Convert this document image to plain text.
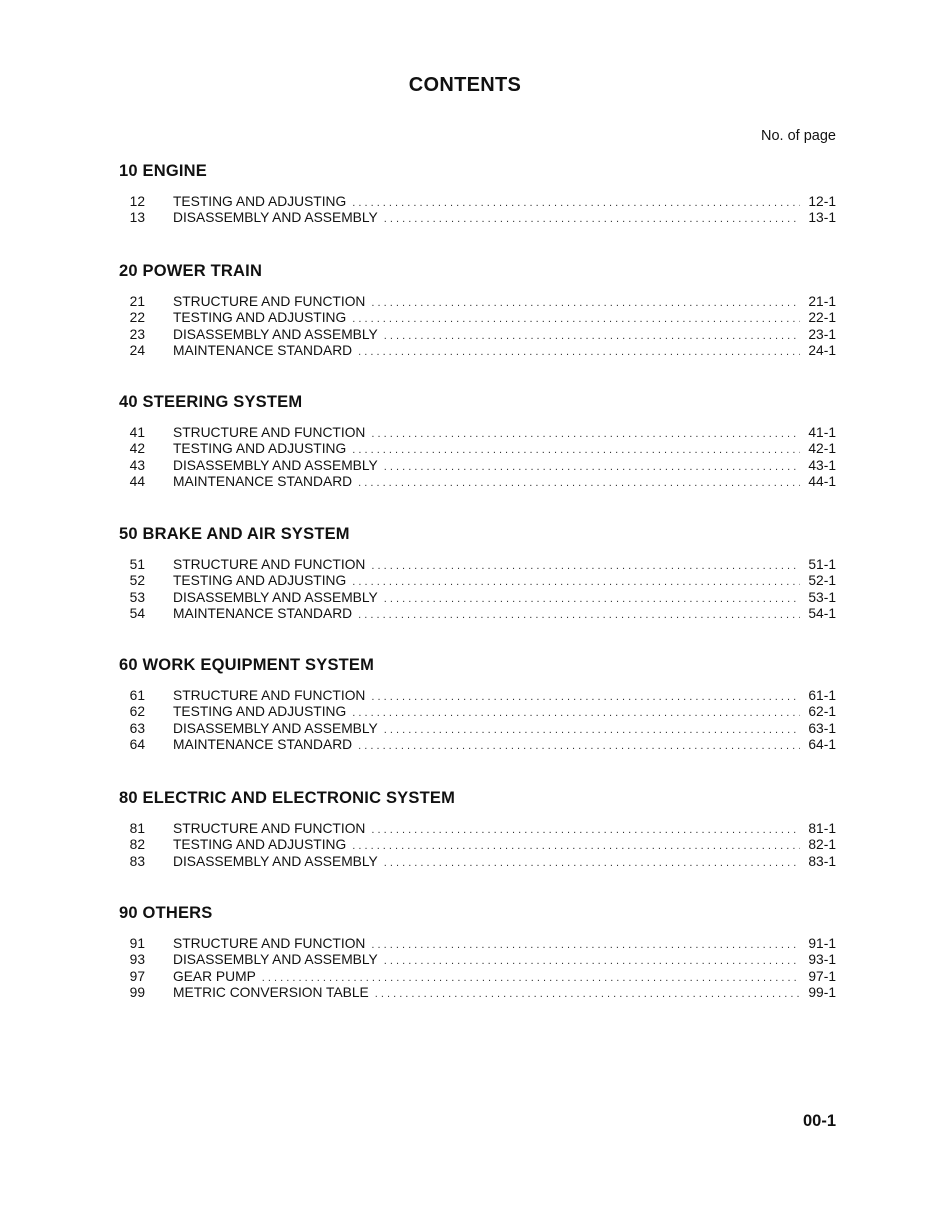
CONTENTS
No. of page
10 ENGINE
12 TESTING AND ADJUSTING . . .	12-1
13 DISASSEMBLY AND ASSEMBLY . . .	13-1
20 POWER TRAIN
21 STRUCTURE AND FUNCTION . . .	21-1
22 TESTING AND ADJUSTING . . .	22-1
23 DISASSEMBLY AND ASSEMBLY . . .	23-1
24 MAINTENANCE STANDARD . . .	24-1
40 STEERING SYSTEM
41 STRUCTURE AND FUNCTION . . .	41-1
42 TESTING AND ADJUSTING . . .	42-1
43 DISASSEMBLY AND ASSEMBLY . . .	43-1
44 MAINTENANCE STANDARD . . .	44-1
50 BRAKE AND AIR SYSTEM
51 STRUCTURE AND FUNCTION . . .	51-1
52 TESTING AND ADJUSTING . . .	52-1
53 DISASSEMBLY AND ASSEMBLY . . .	53-1
54 MAINTENANCE STANDARD . . .	54-1
60 WORK EQUIPMENT SYSTEM
61 STRUCTURE AND FUNCTION . . .	61-1
62 TESTING AND ADJUSTING . . .	62-1
63 DISASSEMBLY AND ASSEMBLY . . .	63-1
64 MAINTENANCE STANDARD . . .	64-1
80 ELECTRIC AND ELECTRONIC SYSTEM
81 STRUCTURE AND FUNCTION . . .	81-1
82 TESTING AND ADJUSTING . . .	82-1
83 DISASSEMBLY AND ASSEMBLY . . .	83-1
90 OTHERS
91 STRUCTURE AND FUNCTION . . .	91-1
93 DISASSEMBLY AND ASSEMBLY . . .	93-1
97 GEAR PUMP . . .	97-1
99 METRIC CONVERSION TABLE . . .	99-1
00-1
